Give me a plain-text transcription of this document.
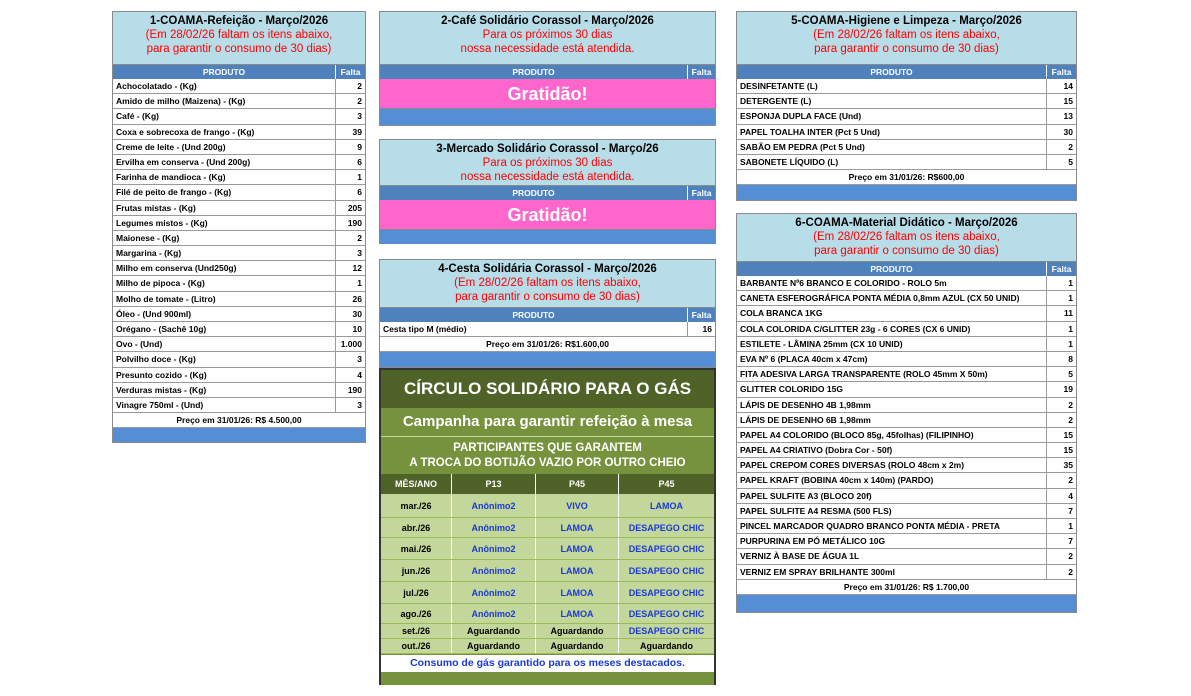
1-COAMA-Refeição - Março/2026
(Em 28/02/26 faltam os itens abaixo,
para garantir o consumo de 30 dias)
PRODUTO	Falta
Achocolatado - (Kg)	2
Amido de milho (Maizena) - (Kg)	2
Café - (Kg)	3
Coxa e sobrecoxa de frango - (Kg)	39
Creme de leite - (Und 200g)	9
Ervilha em conserva - (Und 200g)	6
Farinha de mandioca - (Kg)	1
Filé de peito de frango - (Kg)	6
Frutas mistas - (Kg)	205
Legumes mistos - (Kg)	190
Maionese - (Kg)	2
Margarina - (Kg)	3
Milho em conserva (Und250g)	12
Milho de pipoca - (Kg)	1
Molho de tomate - (Litro)	26
Óleo - (Und 900ml)	30
Orégano - (Sachê 10g)	10
Ovo - (Und)	1.000
Polvilho doce - (Kg)	3
Presunto cozido - (Kg)	4
Verduras mistas - (Kg)	190
Vinagre 750ml - (Und)	3
Preço em 31/01/26: R$ 4.500,00
2-Café Solidário Corassol - Março/2026
Para os próximos 30 dias
nossa necessidade está atendida.
PRODUTO	Falta
Gratidão!
3-Mercado Solidário Corassol - Março/26
Para os próximos 30 dias
nossa necessidade está atendida.
PRODUTO	Falta
Gratidão!
4-Cesta Solidária Corassol - Março/2026
(Em 28/02/26 faltam os itens abaixo,
para garantir o consumo de 30 dias)
PRODUTO	Falta
Cesta tipo M (médio)	16
Preço em 31/01/26: R$1.600,00
5-COAMA-Higiene e Limpeza - Março/2026
(Em 28/02/26 faltam os itens abaixo,
para garantir o consumo de 30 dias)
PRODUTO	Falta
DESINFETANTE (L)	14
DETERGENTE (L)	15
ESPONJA DUPLA FACE (Und)	13
PAPEL TOALHA INTER (Pct 5 Und)	30
SABÃO EM PEDRA (Pct 5 Und)	2
SABONETE LÍQUIDO (L)	5
Preço em 31/01/26: R$600,00
6-COAMA-Material Didático - Março/2026
(Em 28/02/26 faltam os itens abaixo,
para garantir o consumo de 30 dias)
PRODUTO	Falta
BARBANTE Nº6 BRANCO E COLORIDO - ROLO 5m	1
CANETA ESFEROGRÁFICA PONTA MÉDIA 0,8mm AZUL (CX 50 UNID)	1
COLA BRANCA 1KG	11
COLA COLORIDA C/GLITTER 23g - 6 CORES (CX 6 UNID)	1
ESTILETE - LÂMINA 25mm (CX 10 UNID)	1
EVA Nº 6 (PLACA 40cm x 47cm)	8
FITA ADESIVA LARGA TRANSPARENTE (ROLO 45mm X 50m)	5
GLITTER COLORIDO 15G	19
LÁPIS DE DESENHO 4B 1,98mm	2
LÁPIS DE DESENHO 6B 1,98mm	2
PAPEL A4 COLORIDO (BLOCO 85g, 45folhas) (FILIPINHO)	15
PAPEL A4 CRIATIVO (Dobra Cor - 50f)	15
PAPEL CREPOM CORES DIVERSAS (ROLO 48cm x 2m)	35
PAPEL KRAFT (BOBINA 40cm x 140m) (PARDO)	2
PAPEL SULFITE A3 (BLOCO 20f)	4
PAPEL SULFITE A4 RESMA (500 FLS)	7
PINCEL MARCADOR QUADRO BRANCO PONTA MÉDIA - PRETA	1
PURPURINA EM PÓ METÁLICO 10G	7
VERNIZ À BASE DE ÁGUA 1L	2
VERNIZ EM SPRAY BRILHANTE 300ml	2
Preço em 31/01/26: R$ 1.700,00
CÍRCULO SOLIDÁRIO PARA O GÁS
Campanha para garantir refeição à mesa
PARTICIPANTES QUE GARANTEM
A TROCA DO BOTIJÃO VAZIO POR OUTRO CHEIO
MÊS/ANO	P13	P45	P45
mar./26	Anônimo2	VIVO	LAMOA
abr./26	Anônimo2	LAMOA	DESAPEGO CHIC
mai./26	Anônimo2	LAMOA	DESAPEGO CHIC
jun./26	Anônimo2	LAMOA	DESAPEGO CHIC
jul./26	Anônimo2	LAMOA	DESAPEGO CHIC
ago./26	Anônimo2	LAMOA	DESAPEGO CHIC
set./26	Aguardando	Aguardando	DESAPEGO CHIC
out./26	Aguardando	Aguardando	Aguardando
Consumo de gás garantido para os meses destacados.
